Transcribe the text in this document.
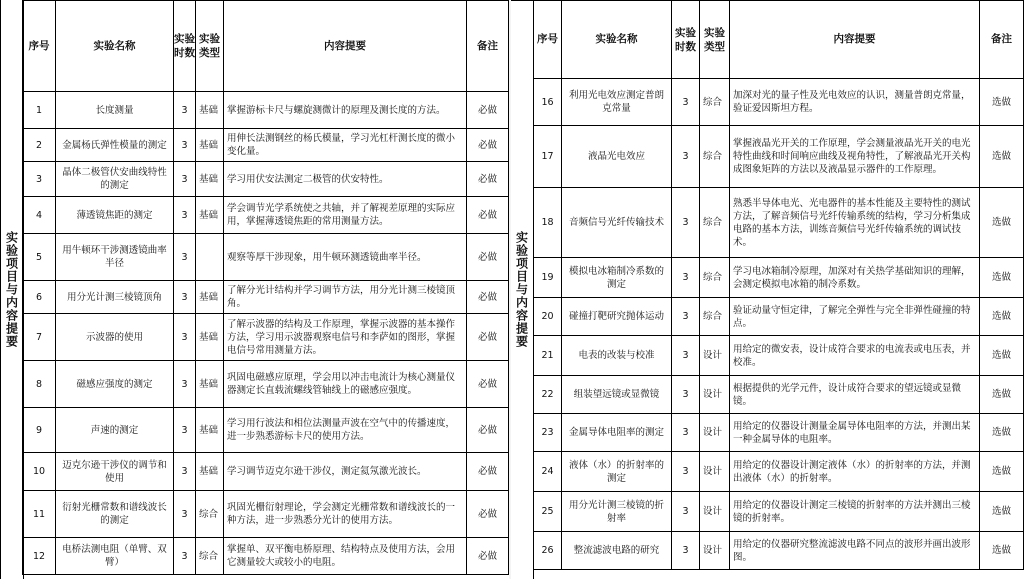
实验项目与内容提要
序号	实验名称	实验时数	实验类型	内容提要	备注
1	长度测量	3	基础	掌握游标卡尺与螺旋测微计的原理及测长度的方法。	必做
2	金属杨氏弹性模量的测定	3	基础	用伸长法测钢丝的杨氏模量，学习光杠杆测长度的微小变化量。	必做
3	晶体二极管伏安曲线特性的测定	3	基础	学习用伏安法测定二极管的伏安特性。	必做
4	薄透镜焦距的测定	3	基础	学会调节光学系统使之共轴，并了解视差原理的实际应用，掌握薄透镜焦距的常用测量方法。	必做
5	用牛顿环干涉测透镜曲率半径	3		观察等厚干涉现象，用牛顿环测透镜曲率半径。	必做
6	用分光计测三棱镜顶角	3	基础	了解分光计结构并学习调节方法，用分光计测三棱镜顶角。	必做
7	示波器的使用	3	基础	了解示波器的结构及工作原理，掌握示波器的基本操作方法，学习用示波器观察电信号和李萨如的图形，掌握电信号常用测量方法。	必做
8	磁感应强度的测定	3	基础	巩固电磁感应原理，学会用以冲击电流计为核心测量仪器测定长直载流螺线管轴线上的磁感应强度。	必做
9	声速的测定	3	基础	学习用行波法和相位法测量声波在空气中的传播速度，进一步熟悉游标卡尺的使用方法。	必做
10	迈克尔逊干涉仪的调节和使用	3	基础	学习调节迈克尔逊干涉仪，测定氦氖激光波长。	必做
11	衍射光栅常数和谱线波长的测定	3	综合	巩固光栅衍射理论，学会测定光栅常数和谱线波长的一种方法，进一步熟悉分光计的使用方法。	必做
12	电桥法测电阻（单臂、双臂）	3	综合	掌握单、双平衡电桥原理、结构特点及使用方法，会用它测量较大或较小的电阻。	必做
实验项目与内容提要
序号	实验名称	实验时数	实验类型	内容提要	备注
16	利用光电效应测定普朗克常量	3	综合	加深对光的量子性及光电效应的认识，测量普朗克常量，验证爱因斯坦方程。	选做
17	液晶光电效应	3	综合	掌握液晶光开关的工作原理，学会测量液晶光开关的电光特性曲线和时间响应曲线及视角特性，了解液晶光开关构成图象矩阵的方法以及液晶显示器件的工作原理。	选做
18	音频信号光纤传输技术	3	综合	熟悉半导体电光、光电器件的基本性能及主要特性的测试方法，了解音频信号光纤传输系统的结构，学习分析集成电路的基本方法，训练音频信号光纤传输系统的调试技术。	选做
19	模拟电冰箱制冷系数的测定	3	综合	学习电冰箱制冷原理，加深对有关热学基础知识的理解，会测定模拟电冰箱的制冷系数。	选做
20	碰撞打靶研究抛体运动	3	综合	验证动量守恒定律，了解完全弹性与完全非弹性碰撞的特点。	选做
21	电表的改装与校准	3	设计	用给定的微安表，设计成符合要求的电流表或电压表，并校准。	选做
22	组装望远镜或显微镜	3	设计	根据提供的光学元件，设计成符合要求的望远镜或显微镜。	选做
23	金属导体电阻率的测定	3	设计	用给定的仪器设计测量金属导体电阻率的方法，并测出某一种金属导体的电阻率。	选做
24	液体（水）的折射率的测定	3	设计	用给定的仪器设计测定液体（水）的折射率的方法，并测出液体（水）的折射率。	选做
25	用分光计测三棱镜的折射率	3	设计	用给定的仪器设计测定三棱镜的折射率的方法并测出三棱镜的折射率。	选做
26	整流滤波电路的研究	3	设计	用给定的仪器研究整流滤波电路不同点的波形并画出波形图。	选做
